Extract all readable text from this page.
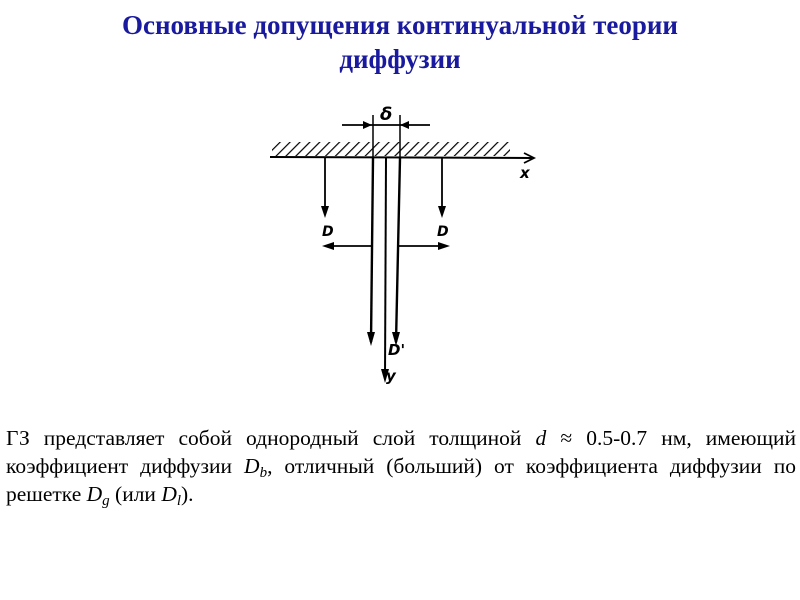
Основные допущения континуальной теории
диффузии
x
δ
D'
y
D	D
ГЗ представляет собой однородный слой толщиной d ≈ 0.5-0.7 нм, имеющий коэффициент диффузии $D_b$, отличный (больший) от коэффициента диффузии по решетке $D_g$ (или $D_l$).
